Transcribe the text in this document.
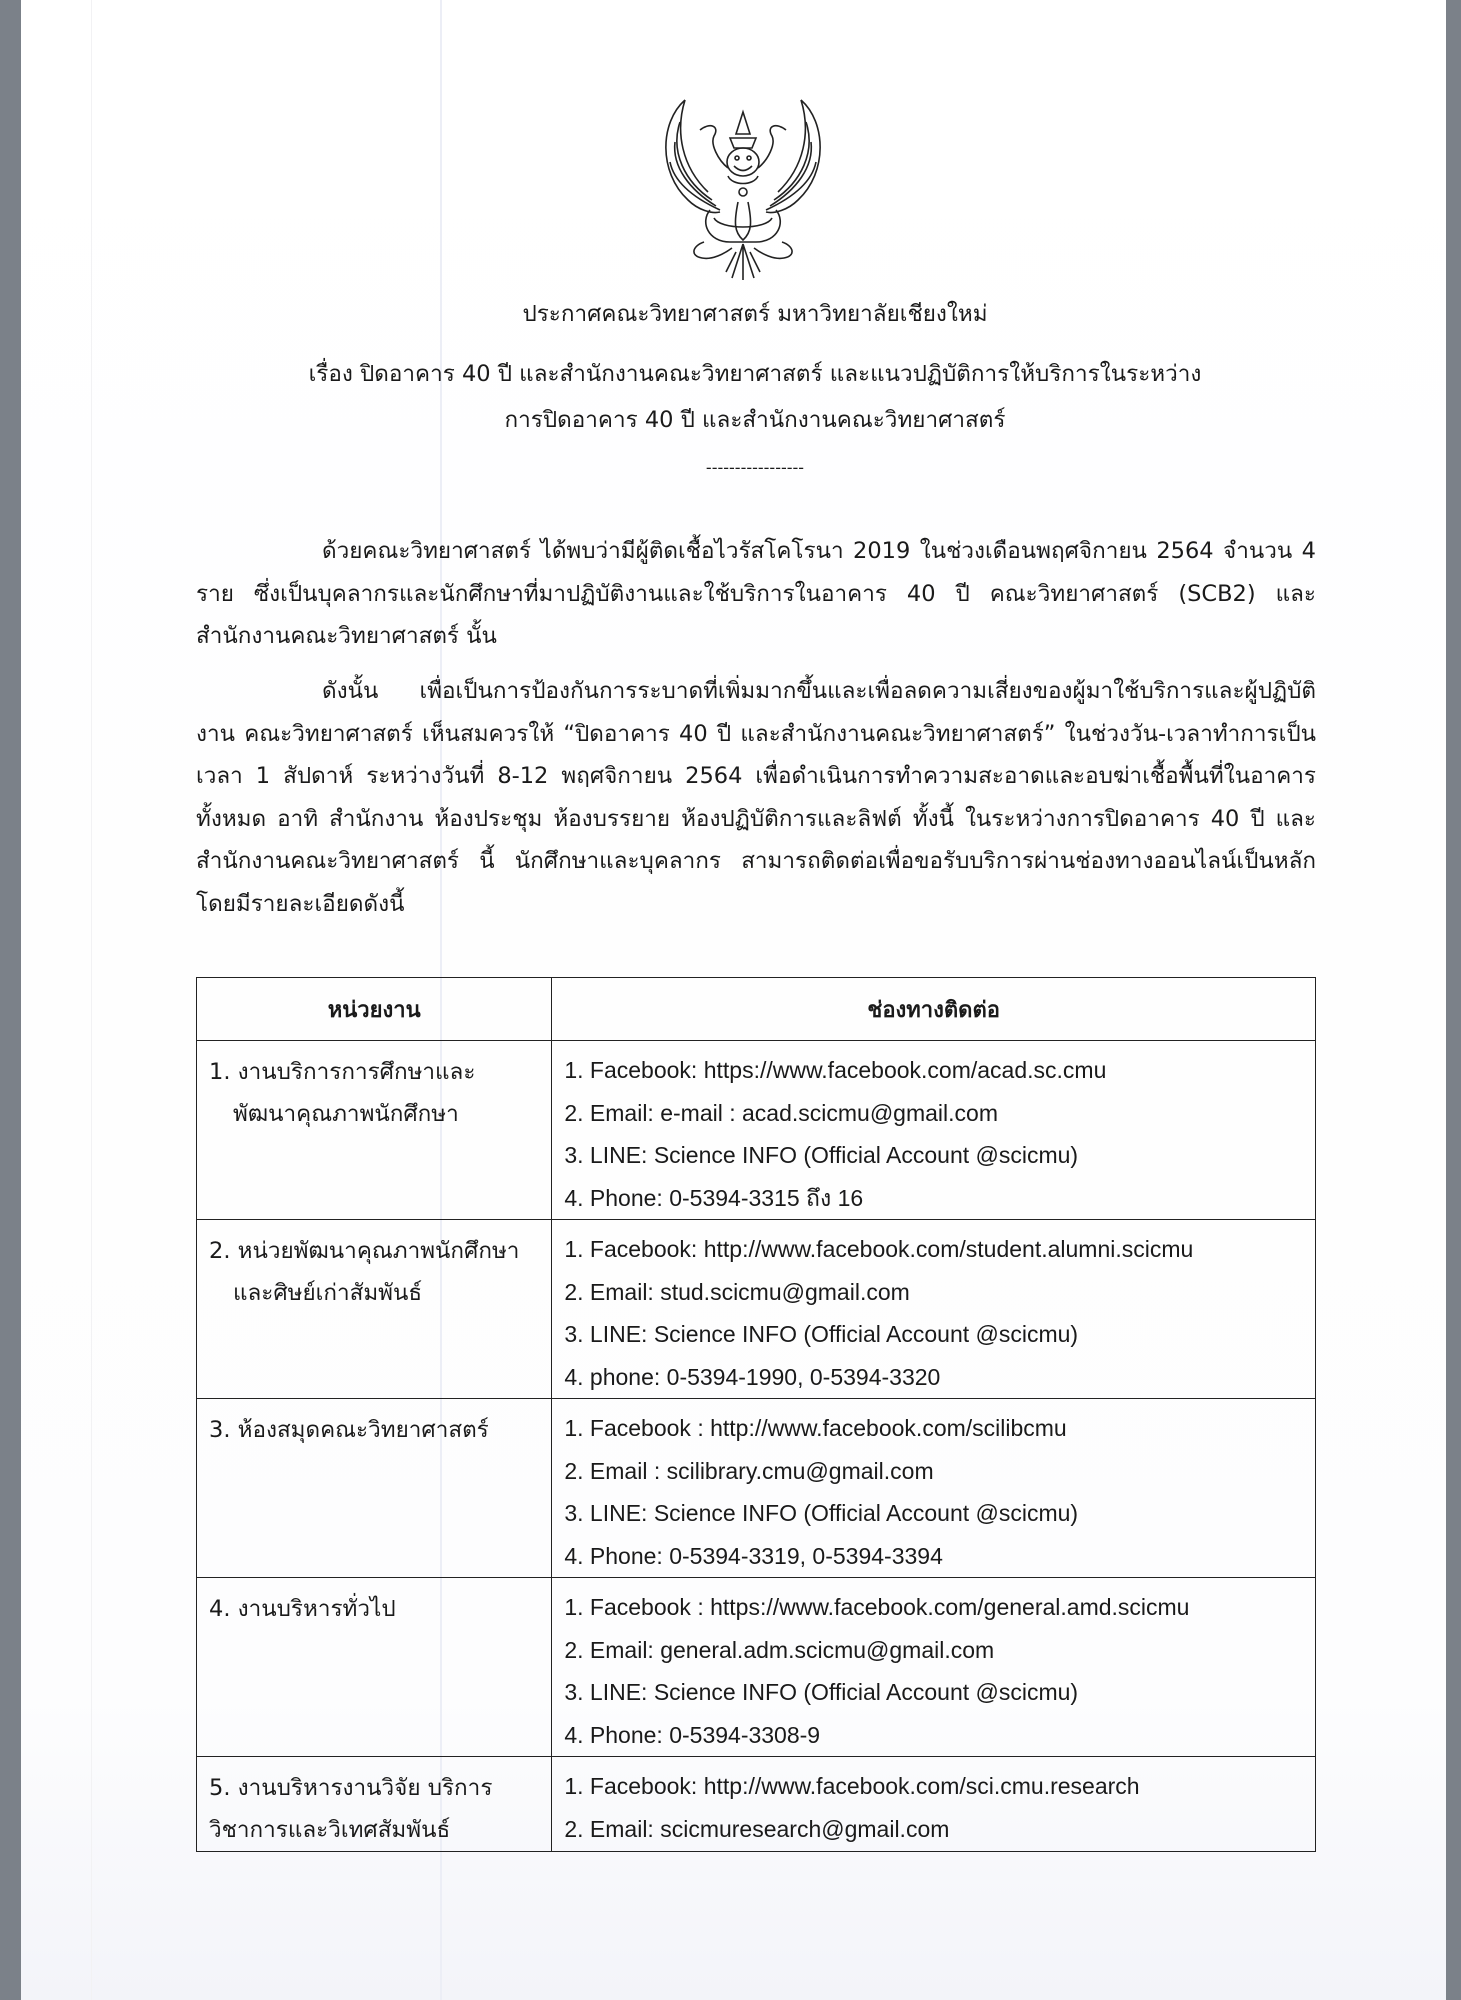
ประกาศคณะวิทยาศาสตร์ มหาวิทยาลัยเชียงใหม่
เรื่อง ปิดอาคาร 40 ปี และสำนักงานคณะวิทยาศาสตร์ และแนวปฏิบัติการให้บริการในระหว่าง
การปิดอาคาร 40 ปี และสำนักงานคณะวิทยาศาสตร์
-----------------
ด้วยคณะวิทยาศาสตร์ ได้พบว่ามีผู้ติดเชื้อไวรัสโคโรนา 2019 ในช่วงเดือนพฤศจิกายน 2564 จำนวน 4 ราย ซึ่งเป็นบุคลากรและนักศึกษาที่มาปฏิบัติงานและใช้บริการในอาคาร 40 ปี คณะวิทยาศาสตร์ (SCB2) และสำนักงานคณะวิทยาศาสตร์ นั้น
ดังนั้น เพื่อเป็นการป้องกันการระบาดที่เพิ่มมากขึ้นและเพื่อลดความเสี่ยงของผู้มาใช้บริการและผู้ปฏิบัติงาน คณะวิทยาศาสตร์ เห็นสมควรให้ “ปิดอาคาร 40 ปี และสำนักงานคณะวิทยาศาสตร์” ในช่วงวัน-เวลาทำการเป็นเวลา 1 สัปดาห์ ระหว่างวันที่ 8-12 พฤศจิกายน 2564 เพื่อดำเนินการทำความสะอาดและอบฆ่าเชื้อพื้นที่ในอาคารทั้งหมด อาทิ สำนักงาน ห้องประชุม ห้องบรรยาย ห้องปฏิบัติการและลิฟต์ ทั้งนี้ ในระหว่างการปิดอาคาร 40 ปี และสำนักงานคณะวิทยาศาสตร์ นี้ นักศึกษาและบุคลากร สามารถติดต่อเพื่อขอรับบริการผ่านช่องทางออนไลน์เป็นหลัก โดยมีรายละเอียดดังนี้
หน่วยงาน	ช่องทางติดต่อ
1. งานบริการการศึกษาและ
พัฒนาคุณภาพนักศึกษา	1. Facebook: https://www.facebook.com/acad.sc.cmu
2. Email: e-mail : acad.scicmu@gmail.com
3. LINE: Science INFO (Official Account @scicmu)
4. Phone: 0-5394-3315 ถึง 16

2. หน่วยพัฒนาคุณภาพนักศึกษา
และศิษย์เก่าสัมพันธ์	1. Facebook: http://www.facebook.com/student.alumni.scicmu
2. Email: stud.scicmu@gmail.com
3. LINE: Science INFO (Official Account @scicmu)
4. phone: 0-5394-1990, 0-5394-3320

3. ห้องสมุดคณะวิทยาศาสตร์	1. Facebook : http://www.facebook.com/scilibcmu
2. Email : scilibrary.cmu@gmail.com
3. LINE: Science INFO (Official Account @scicmu)
4. Phone: 0-5394-3319, 0-5394-3394

4. งานบริหารทั่วไป	1. Facebook : https://www.facebook.com/general.amd.scicmu
2. Email: general.adm.scicmu@gmail.com
3. LINE: Science INFO (Official Account @scicmu)
4. Phone: 0-5394-3308-9

5. งานบริหารงานวิจัย บริการ
วิชาการและวิเทศสัมพันธ์	1. Facebook: http://www.facebook.com/sci.cmu.research
2. Email: scicmuresearch@gmail.com
